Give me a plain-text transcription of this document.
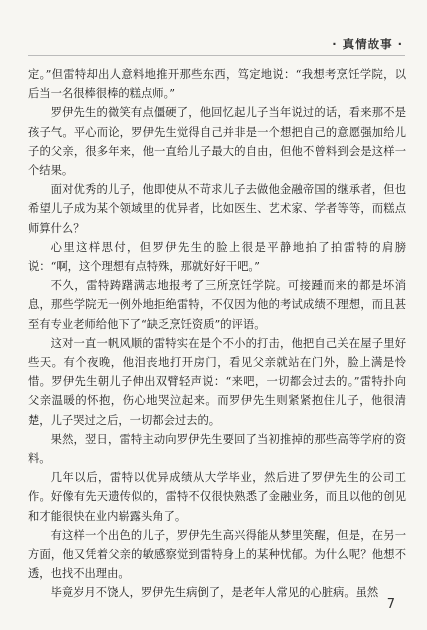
· 真情故事 ·

定。”但雷特却出人意料地推开那些东西，笃定地说：“我想考烹饪学院，以后当一名很棒很棒的糕点师。”

罗伊先生的微笑有点僵硬了，他回忆起儿子当年说过的话，看来那不是孩子气。平心而论，罗伊先生觉得自己并非是一个想把自己的意愿强加给儿子的父亲，很多年来，他一直给儿子最大的自由，但他不曾料到会是这样一个结果。

面对优秀的儿子，他即使从不苛求儿子去做他金融帝国的继承者，但也希望儿子成为某个领域里的优异者，比如医生、艺术家、学者等等，而糕点师算什么？

心里这样思付，但罗伊先生的脸上很是平静地拍了拍雷特的肩膀说：“啊，这个理想有点特殊，那就好好干吧。”

不久，雷特踌躇满志地报考了三所烹饪学院。可接踵而来的都是坏消息，那些学院无一例外地拒绝雷特，不仅因为他的考试成绩不理想，而且甚至有专业老师给他下了“缺乏烹饪资质”的评语。

这对一直一帆风顺的雷特实在是个不小的打击，他把自己关在屋子里好些天。有个夜晚，他泪丧地打开房门，看见父亲就站在门外，脸上满是怜惜。罗伊先生朝儿子伸出双臂轻声说：“来吧，一切都会过去的。”雷特扑向父亲温暖的怀抱，伤心地哭泣起来。而罗伊先生则紧紧抱住儿子，他很清楚，儿子哭过之后，一切都会过去的。

果然，翌日，雷特主动向罗伊先生要回了当初推掉的那些高等学府的资料。

几年以后，雷特以优异成绩从大学毕业，然后进了罗伊先生的公司工作。好像有先天遗传似的，雷特不仅很快熟悉了金融业务，而且以他的创见和才能很快在业内崭露头角了。

有这样一个出色的儿子，罗伊先生高兴得能从梦里笑醒，但是，在另一方面，他又凭着父亲的敏感察觉到雷特身上的某种忧郁。为什么呢？他想不透，也找不出理由。

毕竟岁月不饶人，罗伊先生病倒了，是老年人常见的心脏病。虽然

7
